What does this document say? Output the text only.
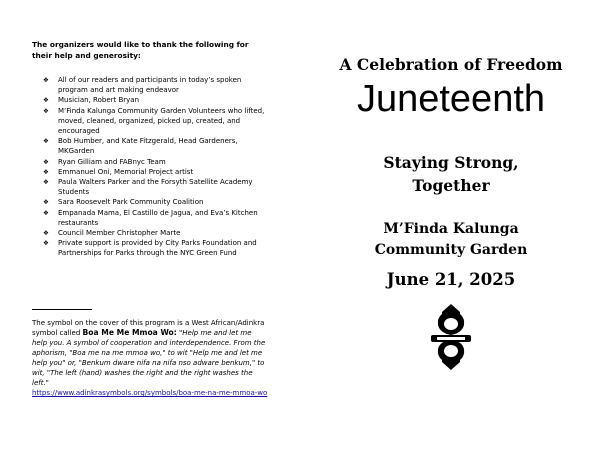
The organizers would like to thank the following for their help and generosity:

❖ All of our readers and participants in today’s spoken program and art making endeavor
❖ Musician, Robert Bryan
❖ M’Finda Kalunga Community Garden Volunteers who lifted, moved, cleaned, organized, picked up, created, and encouraged
❖ Bob Humber, and Kate Fitzgerald, Head Gardeners, MKGarden
❖ Ryan Gilliam and FABnyc Team
❖ Emmanuel Oni, Memorial Project artist
❖ Paula Walters Parker and the Forsyth Satellite Academy Students
❖ Sara Roosevelt Park Community Coalition
❖ Empanada Mama, El Castillo de Jagua, and Eva’s Kitchen restaurants
❖ Council Member Christopher Marte
❖ Private support is provided by City Parks Foundation and Partnerships for Parks through the NYC Green Fund
The symbol on the cover of this program is a West African/Adinkra symbol called Boa Me Me Mmoa Wo: "Help me and let me help you. A symbol of cooperation and interdependence. From the aphorism, "Boa me na me mmoa wo," to wit "Help me and let me help you" or, "Benkum dware nifa na nifa nso adware benkum," to wit, "The left (hand) washes the right and the right washes the left."
https://www.adinkrasymbols.org/symbols/boa-me-na-me-mmoa-wo
A Celebration of Freedom
Juneteenth
Staying Strong,
Together
M’Finda Kalunga
Community Garden
June 21, 2025
